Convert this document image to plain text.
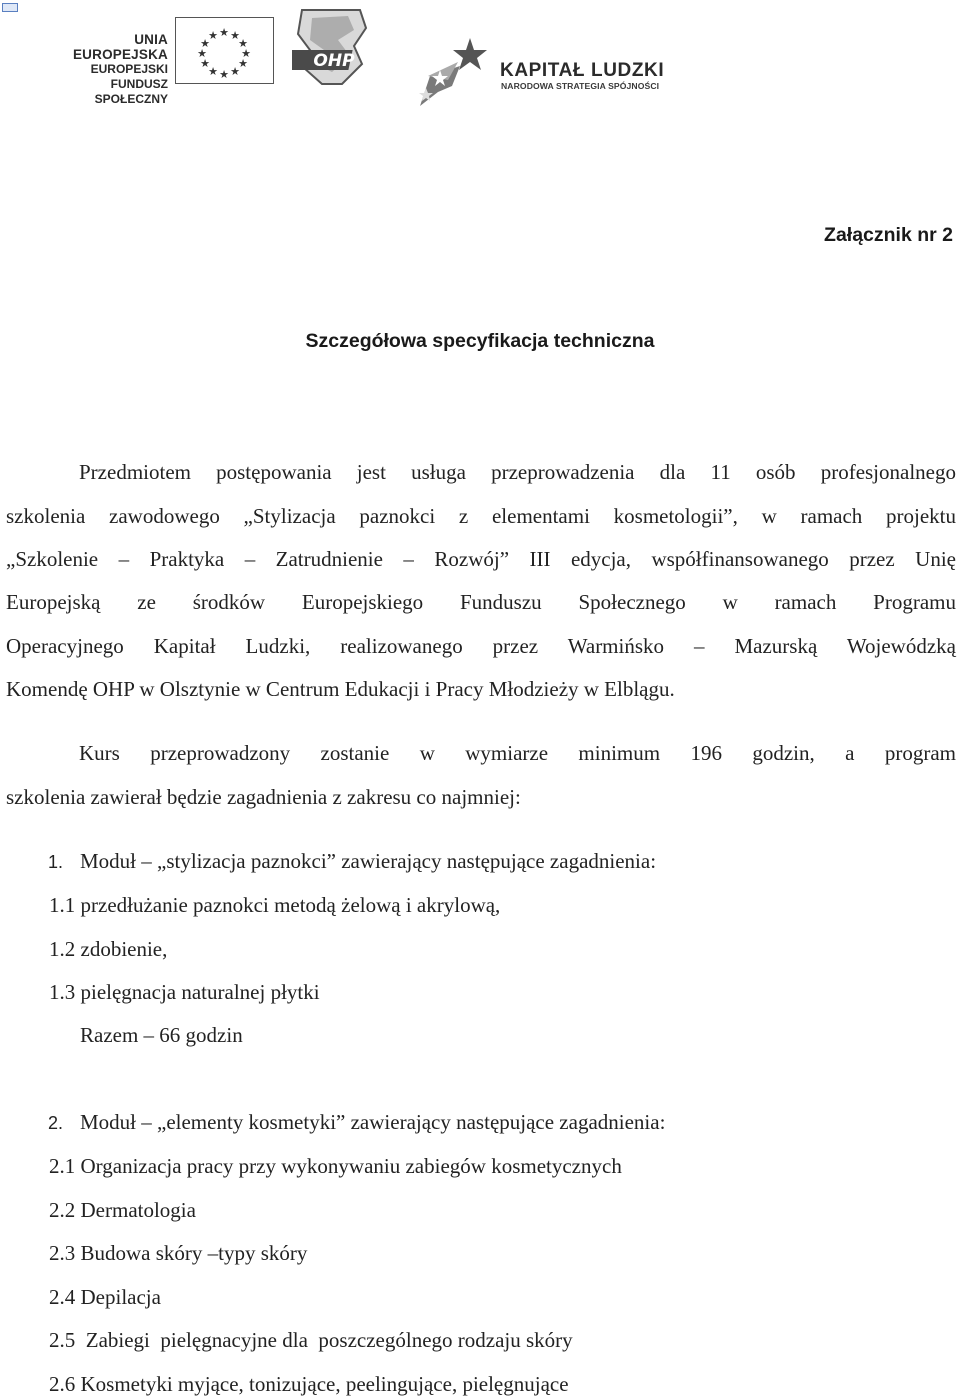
UNIA EUROPEJSKA
EUROPEJSKI
FUNDUSZ SPOŁECZNY
★ ★
★
★
★
★
★
★
★
★
★
★
OHP	KAPITAŁ LUDZKI
NARODOWA STRATEGIA SPÓJNOŚCI
Załącznik nr 2
Szczegółowa specyfikacja techniczna
Przedmiotem postępowania jest usługa przeprowadzenia dla 11 osób profesjonalnego
szkolenia zawodowego „Stylizacja paznokci z elementami kosmetologii”, w ramach projektu
„Szkolenie – Praktyka – Zatrudnienie – Rozwój” III edycja, współfinansowanego przez Unię
Europejską ze środków Europejskiego Funduszu Społecznego w ramach Programu
Operacyjnego Kapitał Ludzki, realizowanego przez Warmińsko – Mazurską Wojewódzką
Komendę OHP w Olsztynie w Centrum Edukacji i Pracy Młodzieży w Elblągu.
Kurs przeprowadzony zostanie w wymiarze minimum 196 godzin, a program
szkolenia zawierał będzie zagadnienia z zakresu co najmniej:
1. Moduł – „stylizacja paznokci” zawierający następujące zagadnienia:
1.1 przedłużanie paznokci metodą żelową i akrylową,
1.2 zdobienie,
1.3 pielęgnacja naturalnej płytki
Razem – 66 godzin
2. Moduł – „elementy kosmetyki” zawierający następujące zagadnienia:
2.1 Organizacja pracy przy wykonywaniu zabiegów kosmetycznych
2.2 Dermatologia
2.3 Budowa skóry –typy skóry
2.4 Depilacja
2.5  Zabiegi  pielęgnacyjne dla  poszczególnego rodzaju skóry
2.6 Kosmetyki myjące, tonizujące, peelingujące, pielęgnujące
